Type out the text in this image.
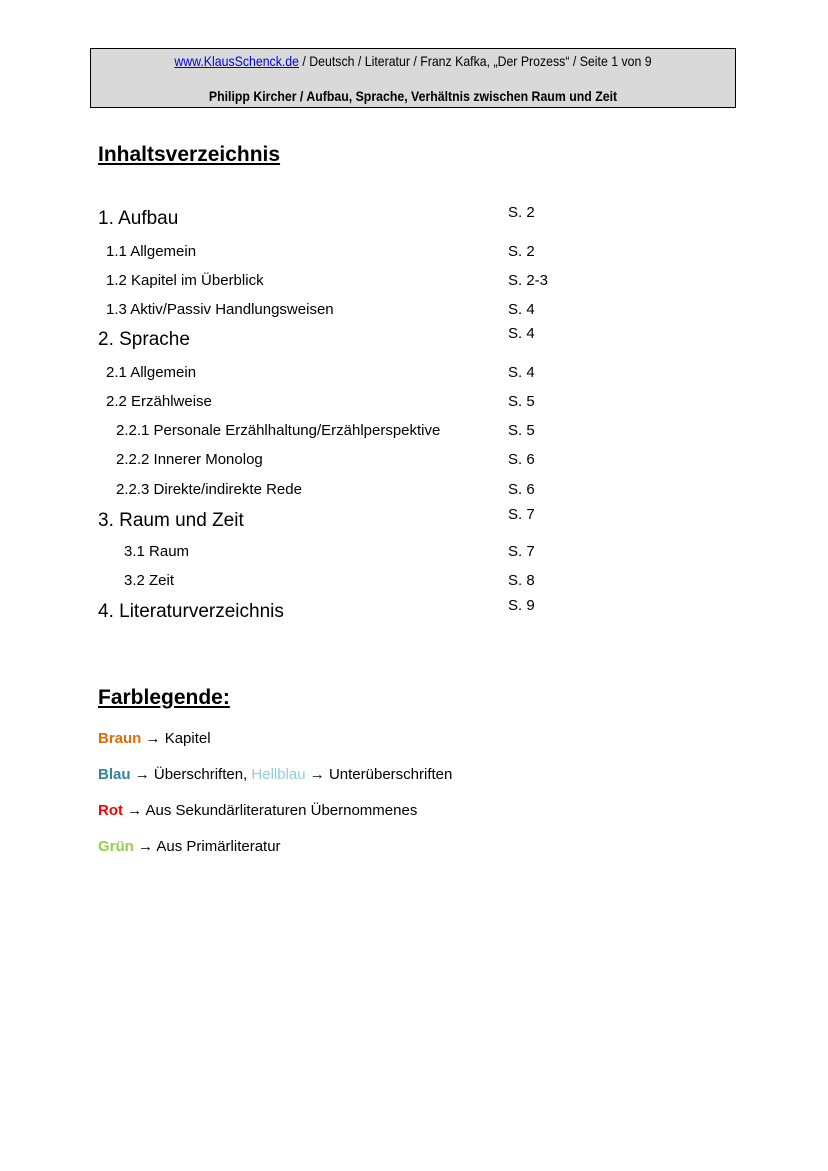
www.KlausSchenck.de / Deutsch / Literatur / Franz Kafka, „Der Prozess“ / Seite 1 von 9
Philipp Kircher / Aufbau, Sprache, Verhältnis zwischen Raum und Zeit
Inhaltsverzeichnis
1. Aufbau	S. 2
1.1 Allgemein	S. 2
1.2 Kapitel im Überblick	S. 2-3
1.3 Aktiv/Passiv Handlungsweisen	S. 4
2. Sprache	S. 4
2.1 Allgemein	S. 4
2.2 Erzählweise	S. 5
2.2.1 Personale Erzählhaltung/Erzählperspektive	S. 5
2.2.2 Innerer Monolog	S. 6
2.2.3 Direkte/indirekte Rede	S. 6
3. Raum und Zeit	S. 7
3.1 Raum	S. 7
3.2 Zeit	S. 8
4. Literaturverzeichnis	S. 9
Farblegende:
Braun → Kapitel
Blau → Überschriften, Hellblau → Unterüberschriften
Rot → Aus Sekundärliteraturen Übernommenes
Grün → Aus Primärliteratur
